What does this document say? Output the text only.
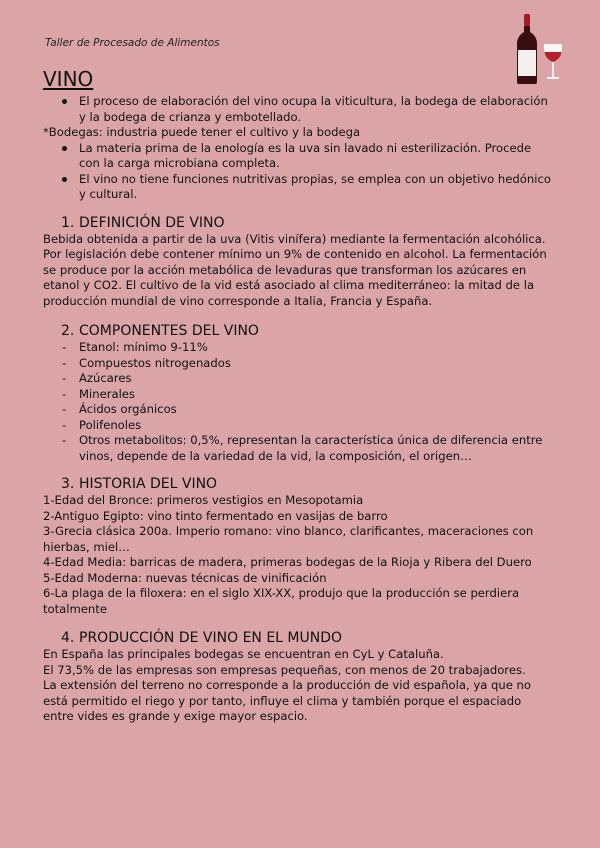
Taller de Procesado de Alimentos
VINO
El proceso de elaboración del vino ocupa la viticultura, la bodega de elaboración y la bodega de crianza y embotellado.

*Bodegas: industria puede tener el cultivo y la bodega

La materia prima de la enología es la uva sin lavado ni esterilización. Procede con la carga microbiana completa.
El vino no tiene funciones nutritivas propias, se emplea con un objetivo hedónico y cultural.
1. DEFINICIÓN DE VINO

Bebida obtenida a partir de la uva (Vitis vinífera) mediante la fermentación alcohólica. Por legislación debe contener mínimo un 9% de contenido en alcohol. La fermentación se produce por la acción metabólica de levaduras que transforman los azúcares en etanol y CO2. El cultivo de la vid está asociado al clima mediterráneo: la mitad de la producción mundial de vino corresponde a Italia, Francia y España.

2. COMPONENTES DEL VINO
- Etanol: mínimo 9-11%
- Compuestos nitrogenados
- Azúcares
- Minerales
- Ácidos orgánicos
- Polifenoles
- Otros metabolitos: 0,5%, representan la característica única de diferencia entre vinos, depende de la variedad de la vid, la composición, el origen…
3. HISTORIA DEL VINO

1-Edad del Bronce: primeros vestigios en Mesopotamia

2-Antiguo Egipto: vino tinto fermentado en vasijas de barro

3-Grecia clásica 200a. Imperio romano: vino blanco, clarificantes, maceraciones con hierbas, miel…

4-Edad Media: barricas de madera, primeras bodegas de la Rioja y Ribera del Duero

5-Edad Moderna: nuevas técnicas de vinificación

6-La plaga de la filoxera: en el siglo XIX-XX, produjo que la producción se perdiera totalmente

4. PRODUCCIÓN DE VINO EN EL MUNDO

En España las principales bodegas se encuentran en CyL y Cataluña.

El 73,5% de las empresas son empresas pequeñas, con menos de 20 trabajadores.

La extensión del terreno no corresponde a la producción de vid española, ya que no está permitido el riego y por tanto, influye el clima y también porque el espaciado entre vides es grande y exige mayor espacio.
